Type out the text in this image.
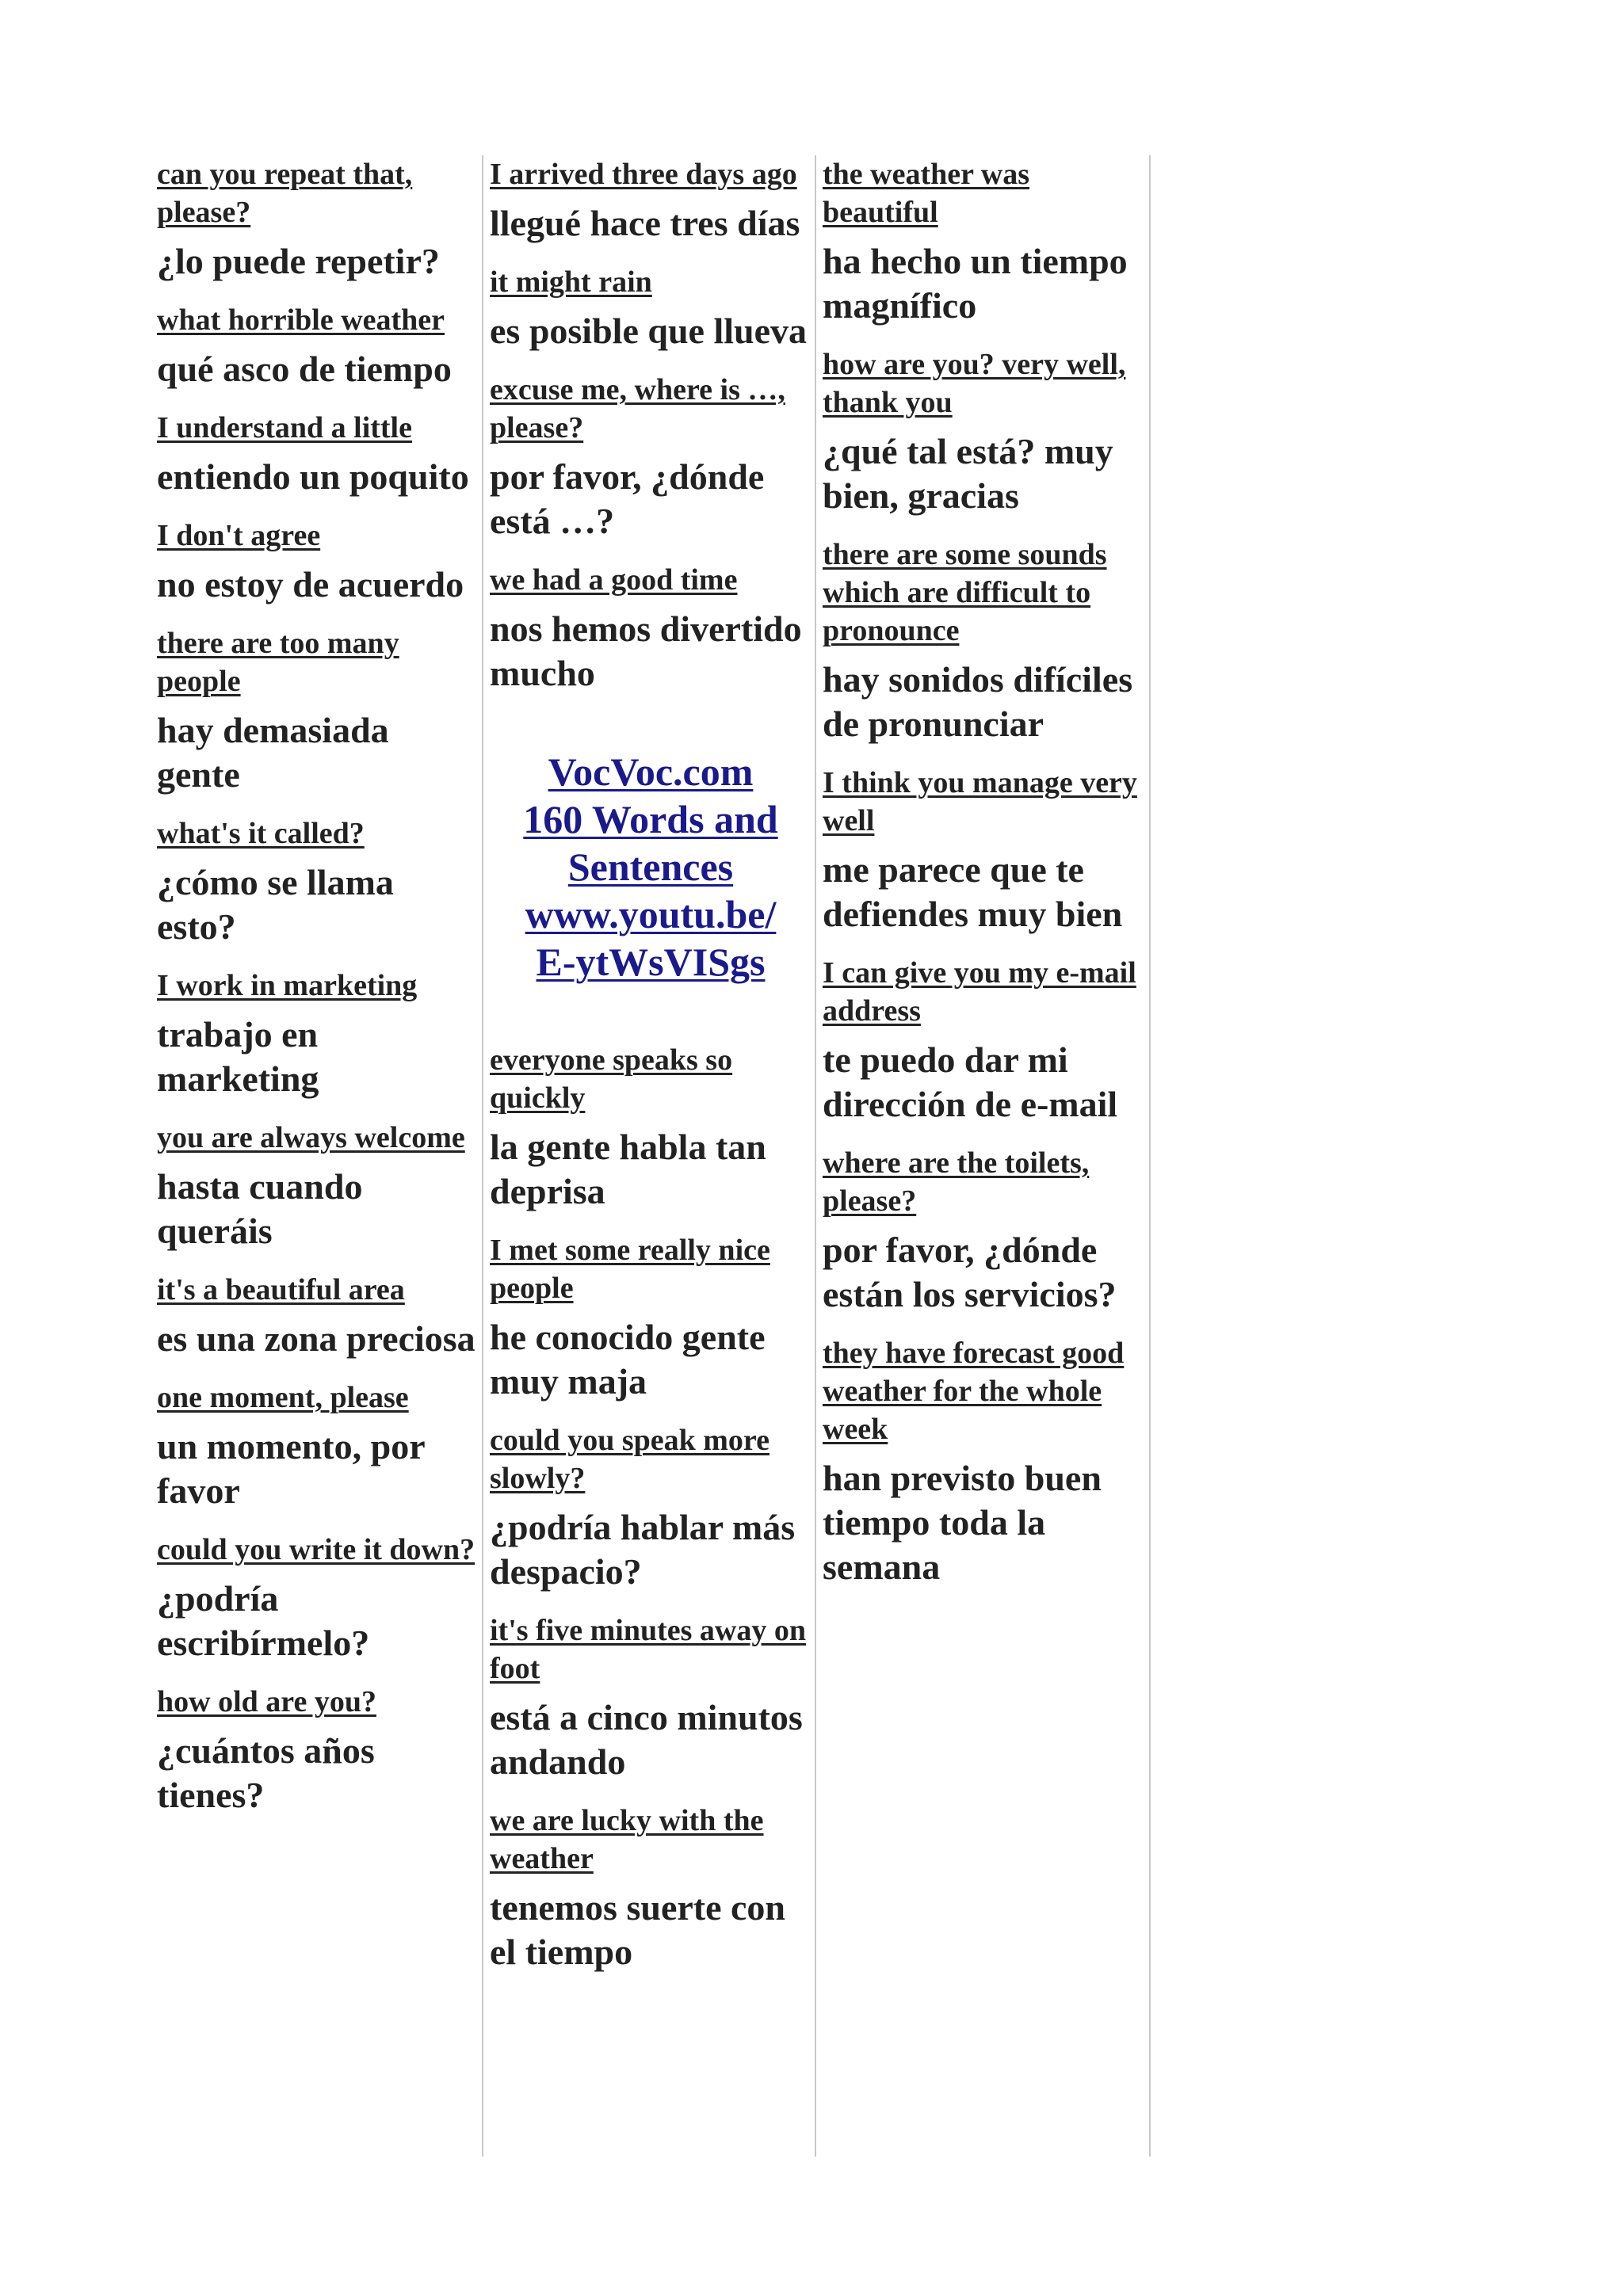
can you repeat that, please?
¿lo puede repetir?
what horrible weather
qué asco de tiempo
I understand a little
entiendo un poquito
I don't agree
no estoy de acuerdo
there are too many people
hay demasiada gente
what's it called?
¿cómo se llama esto?
I work in marketing
trabajo en marketing
you are always welcome
hasta cuando queráis
it's a beautiful area
es una zona preciosa
one moment, please
un momento, por favor
could you write it down?
¿podría escribírmelo?
how old are you?
¿cuántos años tienes?
I arrived three days ago
llegué hace tres días
it might rain
es posible que llueva
excuse me, where is …, please?
por favor, ¿dónde está …?
we had a good time
nos hemos divertido mucho
VocVoc.com
160 Words and
Sentences
www.youtu.be/
E-ytWsVISgs
everyone speaks so quickly
la gente habla tan deprisa
I met some really nice people
he conocido gente muy maja
could you speak more slowly?
¿podría hablar más despacio?
it's five minutes away on foot
está a cinco minutos andando
we are lucky with the weather
tenemos suerte con el tiempo
the weather was beautiful
ha hecho un tiempo magnífico
how are you? very well, thank you
¿qué tal está? muy bien, gracias
there are some sounds which are difficult to pronounce
hay sonidos difíciles de pronunciar
I think you manage very well
me parece que te defiendes muy bien
I can give you my e-mail address
te puedo dar mi dirección de e-mail
where are the toilets, please?
por favor, ¿dónde están los servicios?
they have forecast good weather for the whole week
han previsto buen tiempo toda la semana
